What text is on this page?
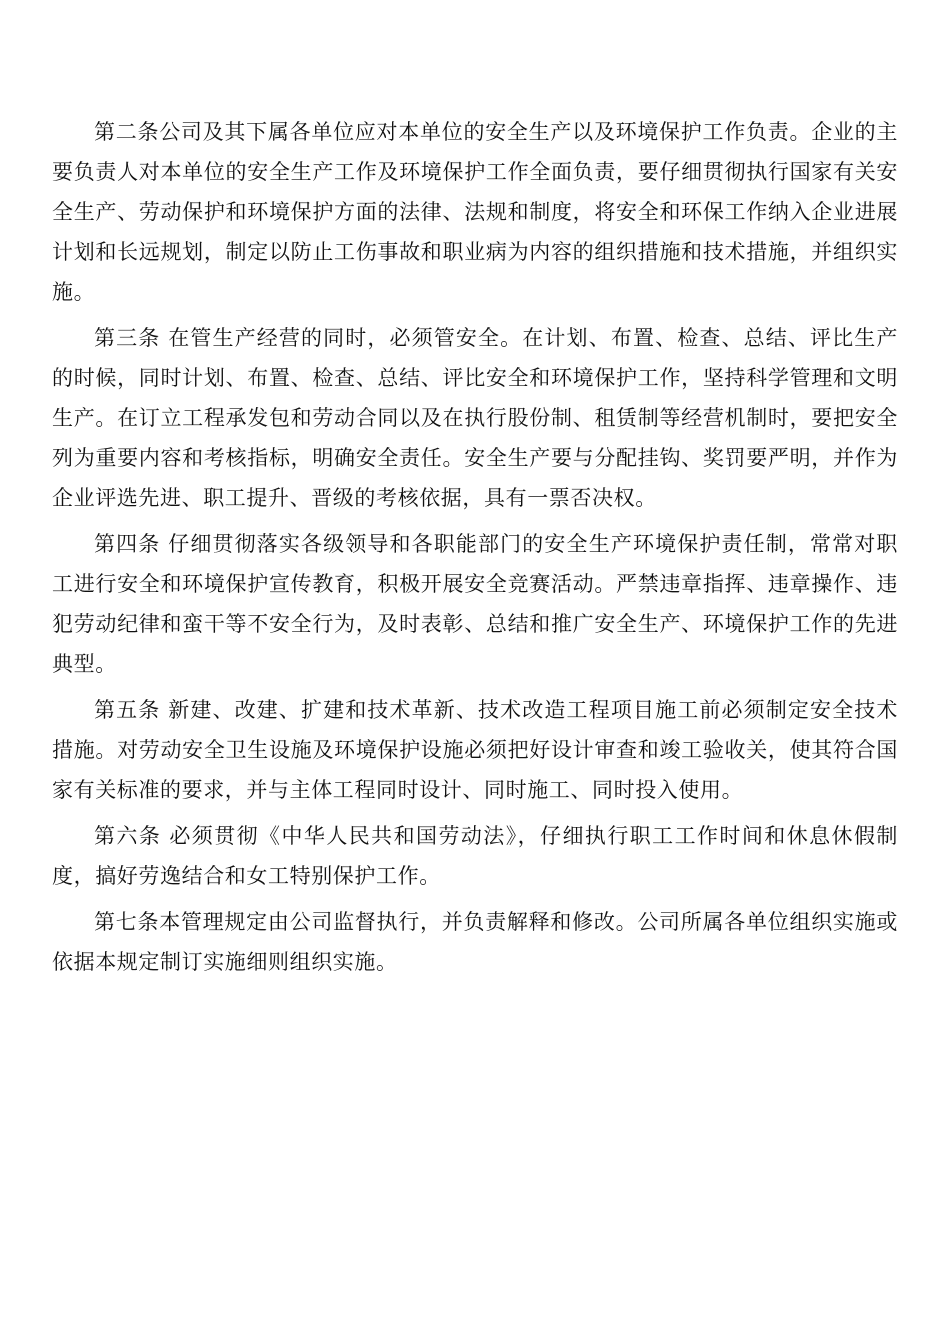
第二条公司及其下属各单位应对本单位的安全生产以及环境保护工作负责。企业的主要负责人对本单位的安全生产工作及环境保护工作全面负责，要仔细贯彻执行国家有关安全生产、劳动保护和环境保护方面的法律、法规和制度，将安全和环保工作纳入企业进展计划和长远规划，制定以防止工伤事故和职业病为内容的组织措施和技术措施，并组织实施。

第三条 在管生产经营的同时，必须管安全。在计划、布置、检查、总结、评比生产的时候，同时计划、布置、检查、总结、评比安全和环境保护工作，坚持科学管理和文明生产。在订立工程承发包和劳动合同以及在执行股份制、租赁制等经营机制时，要把安全列为重要内容和考核指标，明确安全责任。安全生产要与分配挂钩、奖罚要严明，并作为企业评选先进、职工提升、晋级的考核依据，具有一票否决权。

第四条 仔细贯彻落实各级领导和各职能部门的安全生产环境保护责任制，常常对职工进行安全和环境保护宣传教育，积极开展安全竞赛活动。严禁违章指挥、违章操作、违犯劳动纪律和蛮干等不安全行为，及时表彰、总结和推广安全生产、环境保护工作的先进典型。

第五条 新建、改建、扩建和技术革新、技术改造工程项目施工前必须制定安全技术措施。对劳动安全卫生设施及环境保护设施必须把好设计审查和竣工验收关，使其符合国家有关标准的要求，并与主体工程同时设计、同时施工、同时投入使用。

第六条 必须贯彻《中华人民共和国劳动法》，仔细执行职工工作时间和休息休假制度，搞好劳逸结合和女工特别保护工作。

第七条本管理规定由公司监督执行，并负责解释和修改。公司所属各单位组织实施或依据本规定制订实施细则组织实施。
